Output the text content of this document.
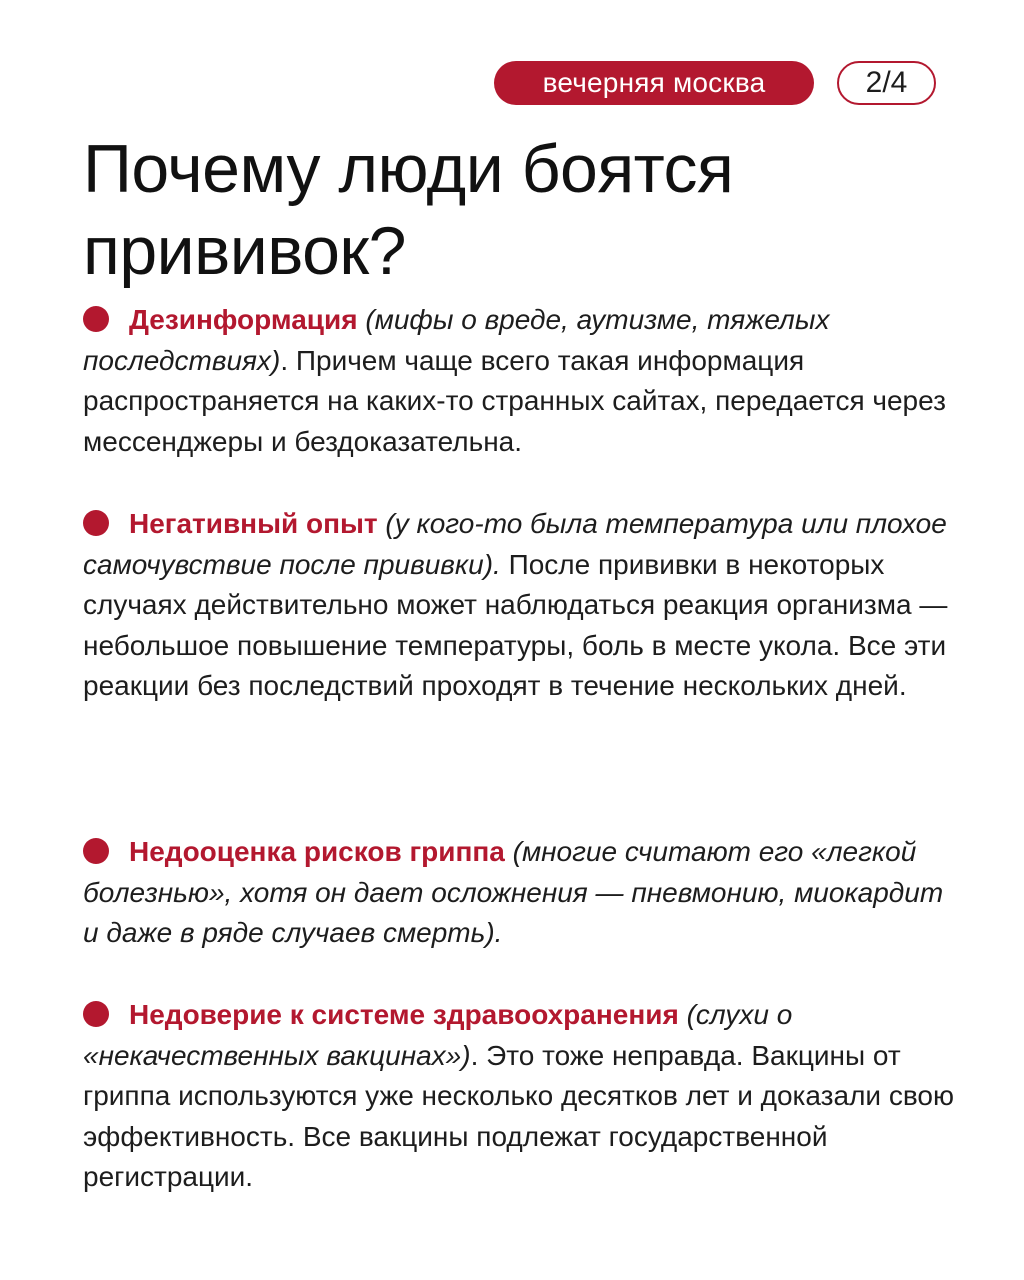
вечерняя москва	2/4
Почему люди боятся прививок?
Дезинформация (мифы о вреде, аутизме, тяжелых последствиях). Причем чаще всего такая информация распространяется на каких-то странных сайтах, передается через мессенджеры и бездоказательна.
Негативный опыт (у кого-то была температура или плохое самочувствие после прививки). После прививки в некоторых случаях действительно может наблюдаться реакция организма — небольшое повышение температуры, боль в месте укола. Все эти реакции без последствий проходят в течение нескольких дней.
Недооценка рисков гриппа (многие считают его «легкой болезнью», хотя он дает осложнения — пневмонию, миокардит и даже в ряде случаев смерть).
Недоверие к системе здравоохранения (слухи о «некачественных вакцинах»). Это тоже неправда. Вакцины от гриппа используются уже несколько десятков лет и доказали свою эффективность. Все вакцины подлежат государственной регистрации.
